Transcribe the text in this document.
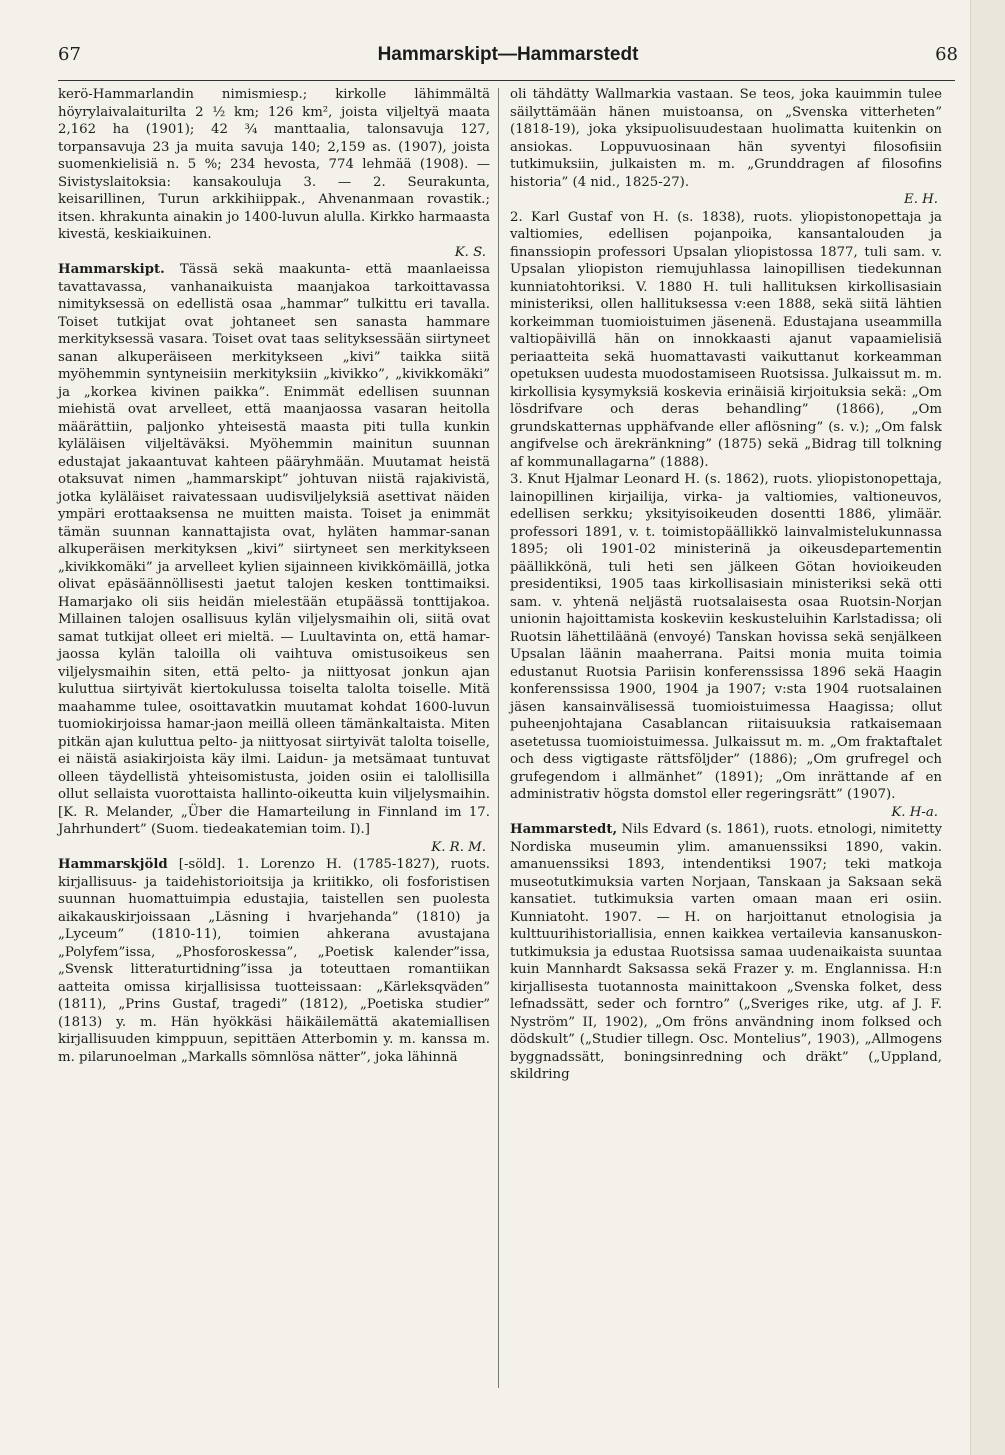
67	Hammarskipt—Hammarstedt	68

kerö-Hammarlandin nimismiesp.; kirkolle lähimmältä höyrylaivalaiturilta 2 ½ km; 126 km², joista viljeltyä maata 2,162 ha (1901); 42 ¾ manttaalia, talonsavuja 127, torpansavuja 23 ja muita savuja 140; 2,159 as. (1907), joista suomenkielisiä n. 5 %; 234 hevosta, 774 lehmää (1908). — Sivistyslaitoksia: kansakouluja 3. — 2. Seurakunta, keisarillinen, Turun arkkihiippak., Ahvenanmaan rovastik.; itsen. khrakunta ainakin jo 1400-luvun alulla. Kirkko harmaasta kivestä, keskiaikuinen.
K. S.

Hammarskipt. Tässä sekä maakunta- että maanlaeissa tavattavassa, vanhanaikuista maanjakoa tarkoittavassa nimityksessä on edellistä osaa „hammar” tulkittu eri tavalla. Toiset tutkijat ovat johtaneet sen sanasta hammare merkityksessä vasara. Toiset ovat taas selityksessään siirtyneet sanan alkuperäiseen merkitykseen „kivi” taikka siitä myöhemmin syntyneisiin merkityksiin „kivikko”, „kivikkomäki” ja „korkea kivinen paikka”. Enimmät edellisen suunnan miehistä ovat arvelleet, että maanjaossa vasaran heitolla määrättiin, paljonko yhteisestä maasta piti tulla kunkin kyläläisen viljeltäväksi. Myöhemmin mainitun suunnan edustajat jakaantuvat kahteen pääryhmään. Muutamat heistä otaksuvat nimen „hammarskipt” johtuvan niistä rajakivistä, jotka kyläläiset raivatessaan uudisviljelyksiä asettivat näiden ympäri erottaaksensa ne muitten maista. Toiset ja enimmät tämän suunnan kannattajista ovat, hyläten hammar-sanan alkuperäisen merkityksen „kivi” siirtyneet sen merkitykseen „kivikkomäki” ja arvelleet kylien sijainneen kivikkömäillä, jotka olivat epäsäännöllisesti jaetut talojen kesken tonttimaiksi. Hamarjako oli siis heidän mielestään etupäässä tonttijakoa. Millainen talojen osallisuus kylän viljelysmaihin oli, siitä ovat samat tutkijat olleet eri mieltä. — Luultavinta on, että hamar-jaossa kylän taloilla oli vaihtuva omistusoikeus sen viljelysmaihin siten, että pelto- ja niittyosat jonkun ajan kuluttua siirtyivät kiertokulussa toiselta talolta toiselle. Mitä maahamme tulee, osoittavatkin muutamat kohdat 1600-luvun tuomiokirjoissa hamar-jaon meillä olleen tämänkaltaista. Miten pitkän ajan kuluttua pelto- ja niittyosat siirtyivät talolta toiselle, ei näistä asiakirjoista käy ilmi. Laidun- ja metsämaat tuntuvat olleen täydellistä yhteisomistusta, joiden osiin ei talollisilla ollut sellaista vuorottaista hallinto-oikeutta kuin viljelysmaihin. [K. R. Melander, „Über die Hamarteilung in Finnland im 17. Jahrhundert” (Suom. tiedeakatemian toim. I).]
K. R. M.

Hammarskjöld [-söld]. 1. Lorenzo H. (1785-1827), ruots. kirjallisuus- ja taidehistorioitsija ja kriitikko, oli fosforistisen suunnan huomattuimpia edustajia, taistellen sen puolesta aikakauskirjoissaan „Läsning i hvarjehanda” (1810) ja „Lyceum” (1810-11), toimien ahkerana avustajana „Polyfem”issa, „Phosforoskessa”, „Poetisk kalender”issa, „Svensk litteraturtidning”issa ja toteuttaen romantiikan aatteita omissa kirjallisissa tuotteissaan: „Kärleksqväden” (1811), „Prins Gustaf, tragedi” (1812), „Poetiska studier” (1813) y. m. Hän hyökkäsi häikäilemättä akatemiallisen kirjallisuuden kimppuun, sepittäen Atterbomin y. m. kanssa m. m. pilarunoelman „Markalls sömnlösa nätter”, joka lähinnä

oli tähdätty Wallmarkia vastaan. Se teos, joka kauimmin tulee säilyttämään hänen muistoansa, on „Svenska vitterheten” (1818-19), joka yksipuolisuudestaan huolimatta kuitenkin on ansiokas. Loppuvuosinaan hän syventyi filosofisiin tutkimuksiin, julkaisten m. m. „Grunddragen af filosofins historia” (4 nid., 1825-27).
E. H.

2. Karl Gustaf von H. (s. 1838), ruots. yliopistonopettaja ja valtiomies, edellisen pojanpoika, kansantalouden ja finanssiopin professori Upsalan yliopistossa 1877, tuli sam. v. Upsalan yliopiston riemujuhlassa lainopillisen tiedekunnan kunniatohtoriksi. V. 1880 H. tuli hallituksen kirkollisasiain ministeriksi, ollen hallituksessa v:een 1888, sekä siitä lähtien korkeimman tuomioistuimen jäsenenä. Edustajana useammilla valtiopäivillä hän on innokkaasti ajanut vapaamielisiä periaatteita sekä huomattavasti vaikuttanut korkeamman opetuksen uudesta muodostamiseen Ruotsissa. Julkaissut m. m. kirkollisia kysymyksiä koskevia erinäisiä kirjoituksia sekä: „Om lösdrifvare och deras behandling” (1866), „Om grundskatternas upphäfvande eller aflösning” (s. v.); „Om falsk angifvelse och ärekränkning” (1875) sekä „Bidrag till tolkning af kommunallagarna” (1888).

3. Knut Hjalmar Leonard H. (s. 1862), ruots. yliopistonopettaja, lainopillinen kirjailija, virka- ja valtiomies, valtioneuvos, edellisen serkku; yksityisoikeuden dosentti 1886, ylimäär. professori 1891, v. t. toimistopäällikkö lainvalmistelukunnassa 1895; oli 1901-02 ministerinä ja oikeusdepartementin päällikkönä, tuli heti sen jälkeen Götan hovioikeuden presidentiksi, 1905 taas kirkollisasiain ministeriksi sekä otti sam. v. yhtenä neljästä ruotsalaisesta osaa Ruotsin-Norjan unionin hajoittamista koskeviin keskusteluihin Karlstadissa; oli Ruotsin lähettiläänä (envoyé) Tanskan hovissa sekä senjälkeen Upsalan läänin maaherrana. Paitsi monia muita toimia edustanut Ruotsia Pariisin konferenssissa 1896 sekä Haagin konferenssissa 1900, 1904 ja 1907; v:sta 1904 ruotsalainen jäsen kansainvälisessä tuomioistuimessa Haagissa; ollut puheenjohtajana Casablancan riitaisuuksia ratkaisemaan asetetussa tuomioistuimessa. Julkaissut m. m. „Om fraktaftalet och dess vigtigaste rättsföljder” (1886); „Om grufregel och grufegendom i allmänhet” (1891); „Om inrättande af en administrativ högsta domstol eller regeringsrätt” (1907).
K. H-a.

Hammarstedt, Nils Edvard (s. 1861), ruots. etnologi, nimitetty Nordiska museumin ylim. amanuenssiksi 1890, vakin. amanuenssiksi 1893, intendentiksi 1907; teki matkoja museotutkimuksia varten Norjaan, Tanskaan ja Saksaan sekä kansatiet. tutkimuksia varten omaan maan eri osiin. Kunniatoht. 1907. — H. on harjoittanut etnologisia ja kulttuurihistoriallisia, ennen kaikkea vertailevia kansanuskon-tutkimuksia ja edustaa Ruotsissa samaa uudenaikaista suuntaa kuin Mannhardt Saksassa sekä Frazer y. m. Englannissa. H:n kirjallisesta tuotannosta mainittakoon „Svenska folket, dess lefnadssätt, seder och forntro” („Sveriges rike, utg. af J. F. Nyström” II, 1902), „Om fröns användning inom folksed och dödskult” („Studier tillegn. Osc. Montelius”, 1903), „Allmogens byggnadssätt, boningsinredning och dräkt” („Uppland, skildring
